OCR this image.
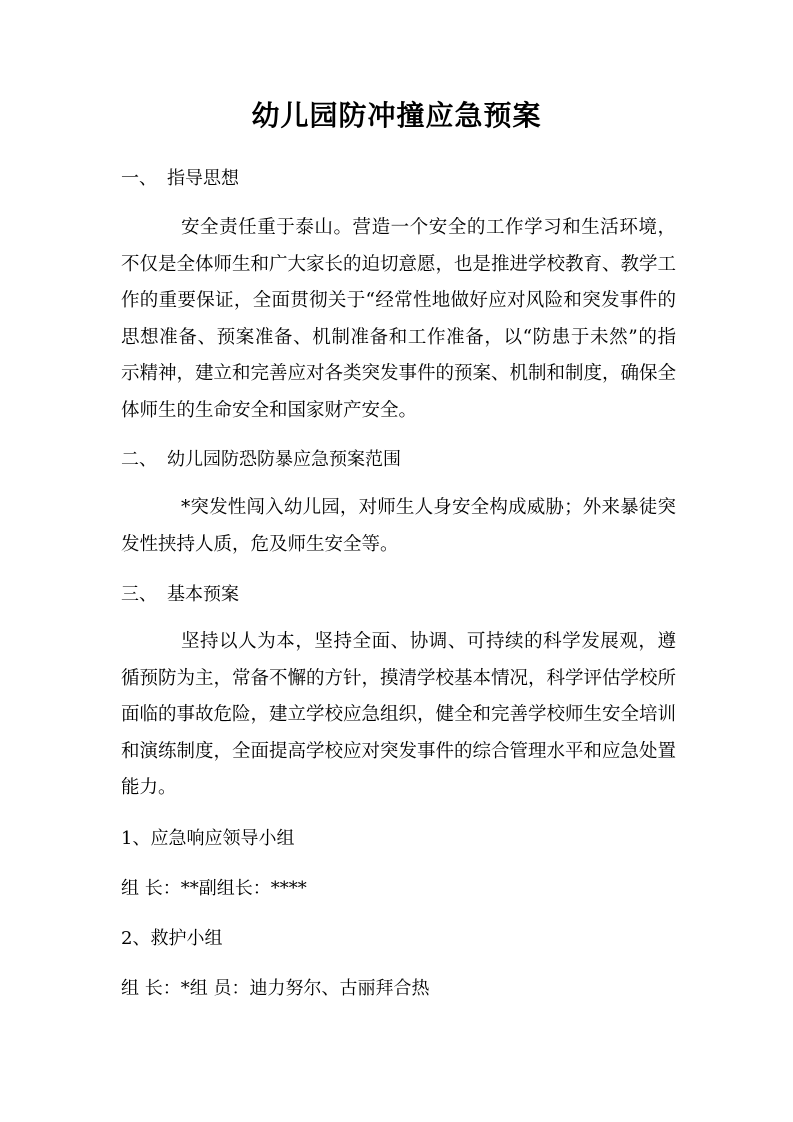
幼儿园防冲撞应急预案
一、 指导思想
安全责任重于泰山。营造一个安全的工作学习和生活环境，不仅是全体师生和广大家长的迫切意愿，也是推进学校教育、教学工作的重要保证，全面贯彻关于“经常性地做好应对风险和突发事件的思想准备、预案准备、机制准备和工作准备，以“防患于未然”的指示精神，建立和完善应对各类突发事件的预案、机制和制度，确保全体师生的生命安全和国家财产安全。
二、 幼儿园防恐防暴应急预案范围
*突发性闯入幼儿园，对师生人身安全构成威胁；外来暴徒突发性挟持人质，危及师生安全等。
三、 基本预案
坚持以人为本，坚持全面、协调、可持续的科学发展观，遵循预防为主，常备不懈的方针，摸清学校基本情况，科学评估学校所面临的事故危险，建立学校应急组织，健全和完善学校师生安全培训和演练制度，全面提高学校应对突发事件的综合管理水平和应急处置能力。
1、应急响应领导小组
组 长：**副组长：****
2、救护小组
组 长：*组 员：迪力努尔、古丽拜合热
